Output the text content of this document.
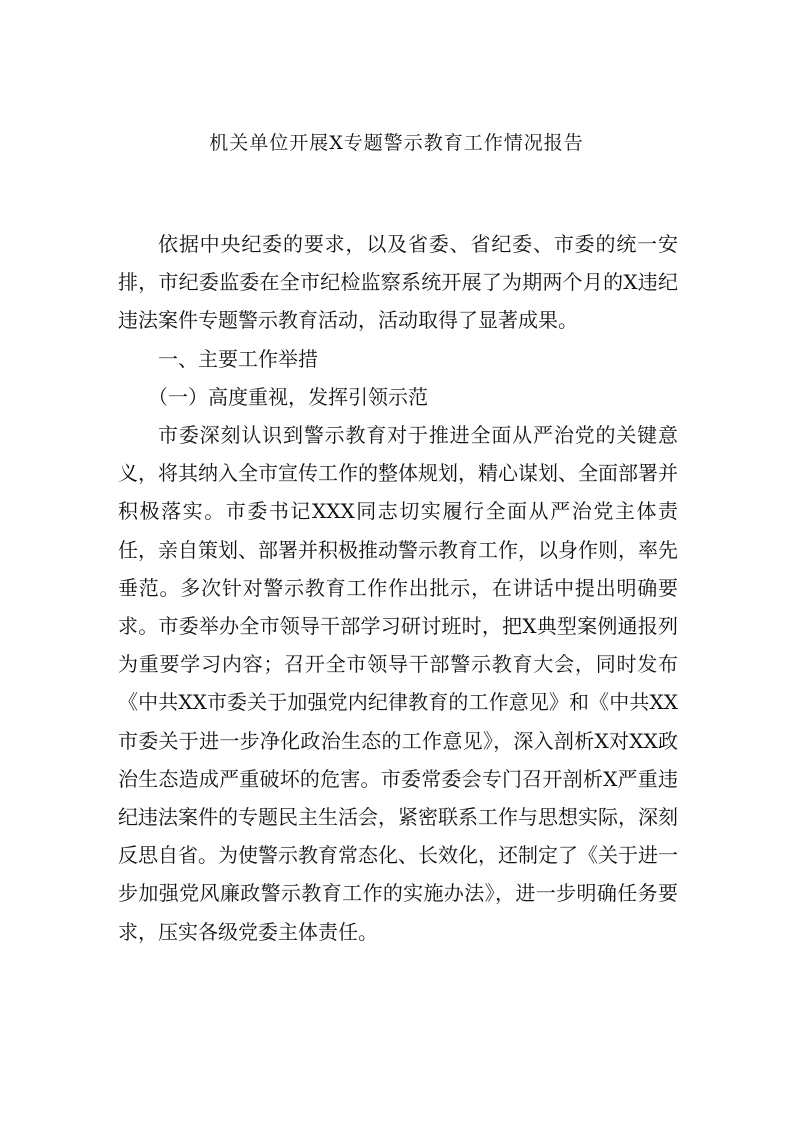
机关单位开展X专题警示教育工作情况报告

依据中央纪委的要求，以及省委、省纪委、市委的统一安排，市纪委监委在全市纪检监察系统开展了为期两个月的X违纪违法案件专题警示教育活动，活动取得了显著成果。

一、主要工作举措

（一）高度重视，发挥引领示范

市委深刻认识到警示教育对于推进全面从严治党的关键意义，将其纳入全市宣传工作的整体规划，精心谋划、全面部署并积极落实。市委书记XXX同志切实履行全面从严治党主体责任，亲自策划、部署并积极推动警示教育工作，以身作则，率先垂范。多次针对警示教育工作作出批示，在讲话中提出明确要求。市委举办全市领导干部学习研讨班时，把X典型案例通报列为重要学习内容；召开全市领导干部警示教育大会，同时发布《中共XX市委关于加强党内纪律教育的工作意见》和《中共XX市委关于进一步净化政治生态的工作意见》，深入剖析X对XX政治生态造成严重破坏的危害。市委常委会专门召开剖析X严重违纪违法案件的专题民主生活会，紧密联系工作与思想实际，深刻反思自省。为使警示教育常态化、长效化，还制定了《关于进一步加强党风廉政警示教育工作的实施办法》，进一步明确任务要求，压实各级党委主体责任。
